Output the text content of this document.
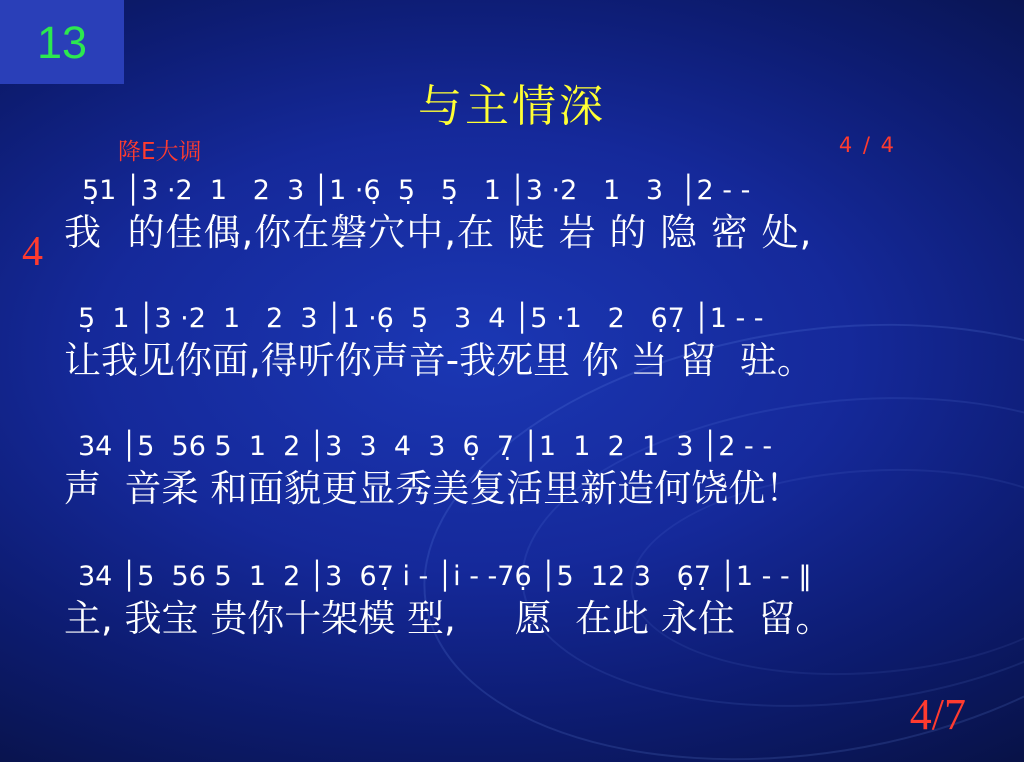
13
与主情深
降E大调	4 / 4
4
5̣1 │3 ·2  1   2  3 │1 ·6̣  5̣   5̣   1 │3 ·2   1   3  │2 - -
我  的佳偶,你在磐穴中,在 陡 岩 的 隐 密 处,
5̣  1 │3 ·2  1   2  3 │1 ·6̣  5̣   3  4 │5 ·1   2   6̣7̣ │1 - -
让我见你面,得听你声音-我死里 你 当 留  驻。
34 │5  56 5  1  2 │3  3  4  3  6̣  7̣ │1  1  2  1  3 │2 - -
声  音柔 和面貌更显秀美复活里新造何饶优！
34 │5  56 5  1  2 │3  67̣ i̇ - │i̇ - -76̣ │5  12 3   6̣7̣ │1 - - ‖
主, 我宝 贵你十架模 型,     愿  在此 永住  留。
4/7
